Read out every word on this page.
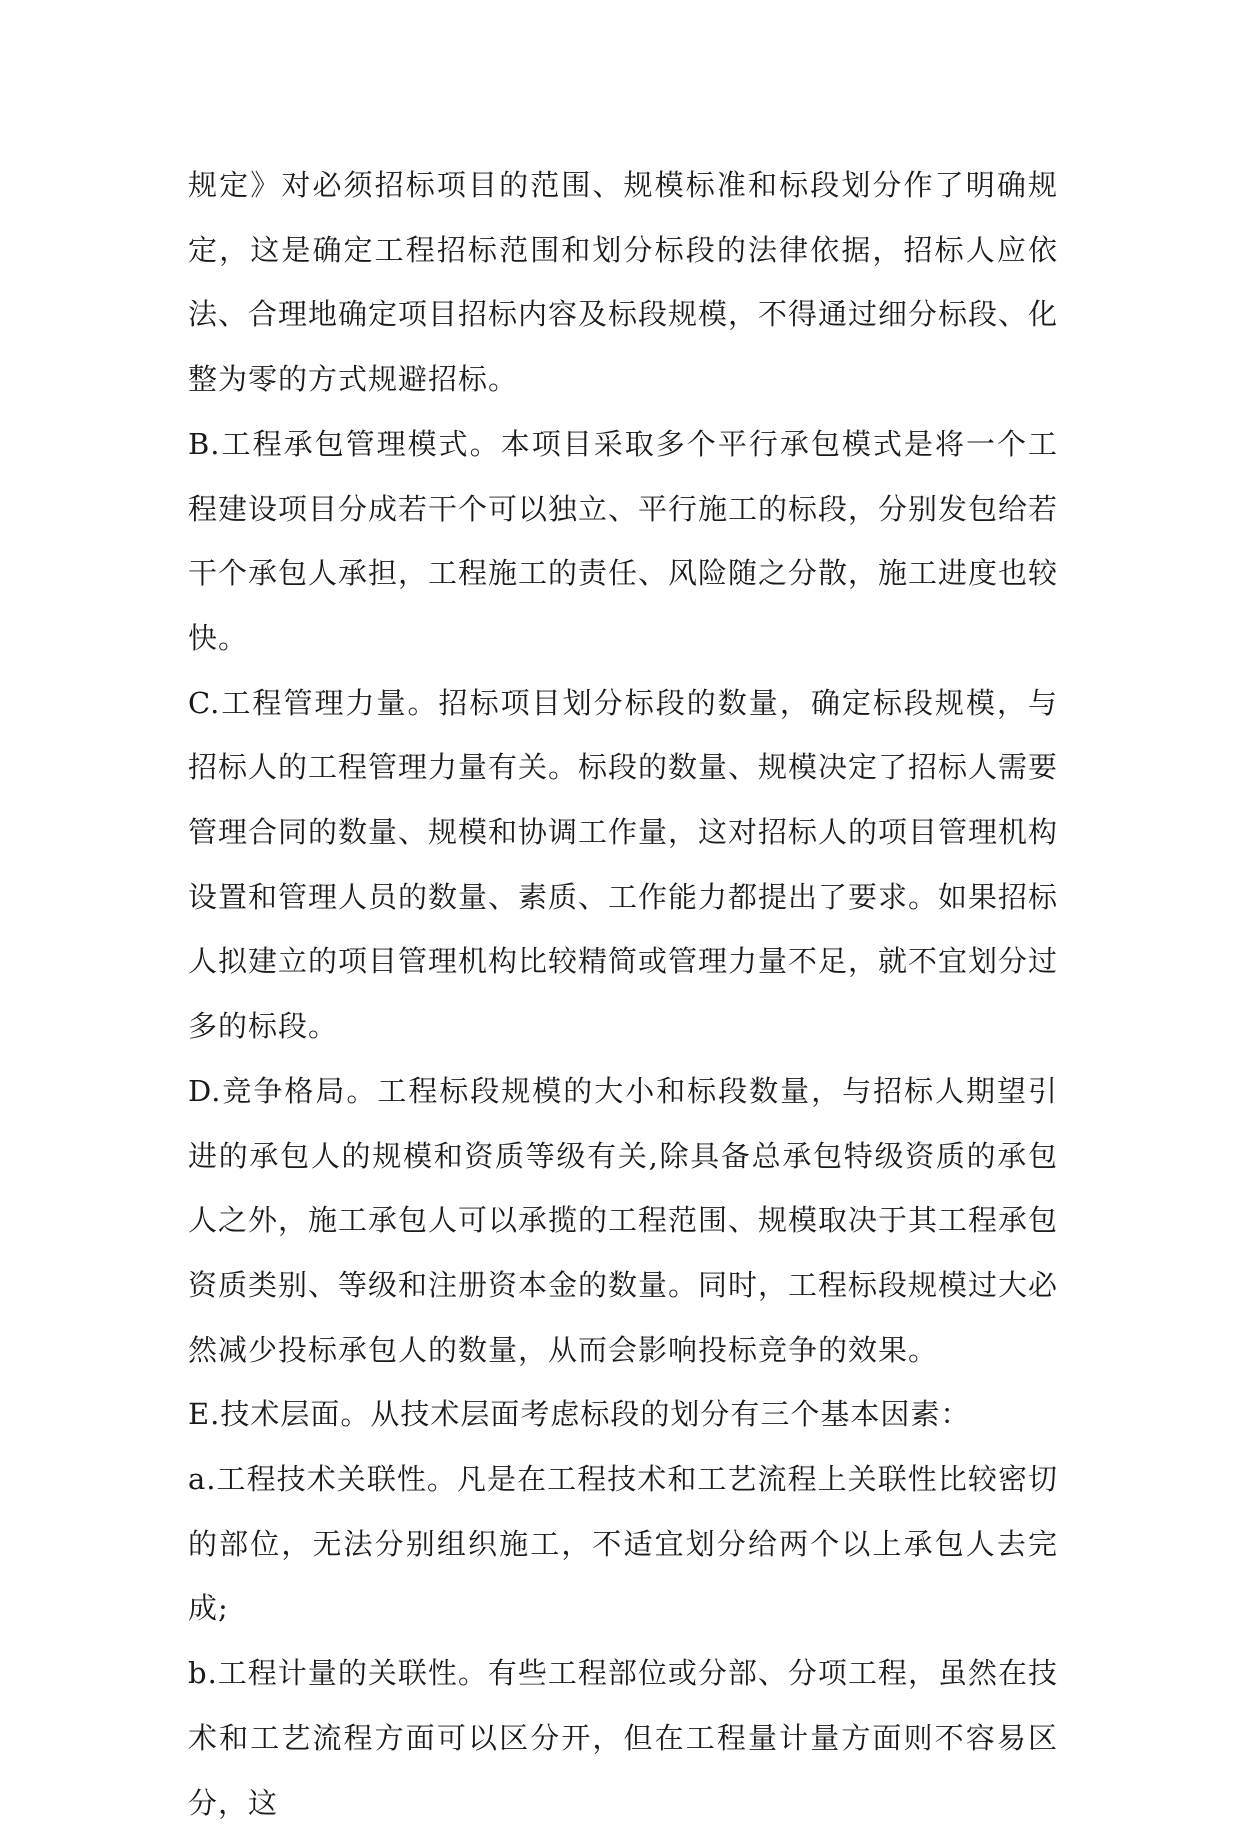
规定》对必须招标项目的范围、规模标准和标段划分作了明确规定，这是确定工程招标范围和划分标段的法律依据，招标人应依法、合理地确定项目招标内容及标段规模，不得通过细分标段、化整为零的方式规避招标。

B.工程承包管理模式。本项目采取多个平行承包模式是将一个工程建设项目分成若干个可以独立、平行施工的标段，分别发包给若干个承包人承担，工程施工的责任、风险随之分散，施工进度也较快。

C.工程管理力量。招标项目划分标段的数量，确定标段规模，与招标人的工程管理力量有关。标段的数量、规模决定了招标人需要管理合同的数量、规模和协调工作量，这对招标人的项目管理机构设置和管理人员的数量、素质、工作能力都提出了要求。如果招标人拟建立的项目管理机构比较精简或管理力量不足，就不宜划分过多的标段。

D.竞争格局。工程标段规模的大小和标段数量，与招标人期望引进的承包人的规模和资质等级有关,除具备总承包特级资质的承包人之外，施工承包人可以承揽的工程范围、规模取决于其工程承包资质类别、等级和注册资本金的数量。同时，工程标段规模过大必然减少投标承包人的数量，从而会影响投标竞争的效果。

E.技术层面。从技术层面考虑标段的划分有三个基本因素：

a.工程技术关联性。凡是在工程技术和工艺流程上关联性比较密切的部位，无法分别组织施工，不适宜划分给两个以上承包人去完成;

b.工程计量的关联性。有些工程部位或分部、分项工程，虽然在技术和工艺流程方面可以区分开，但在工程量计量方面则不容易区分，这
